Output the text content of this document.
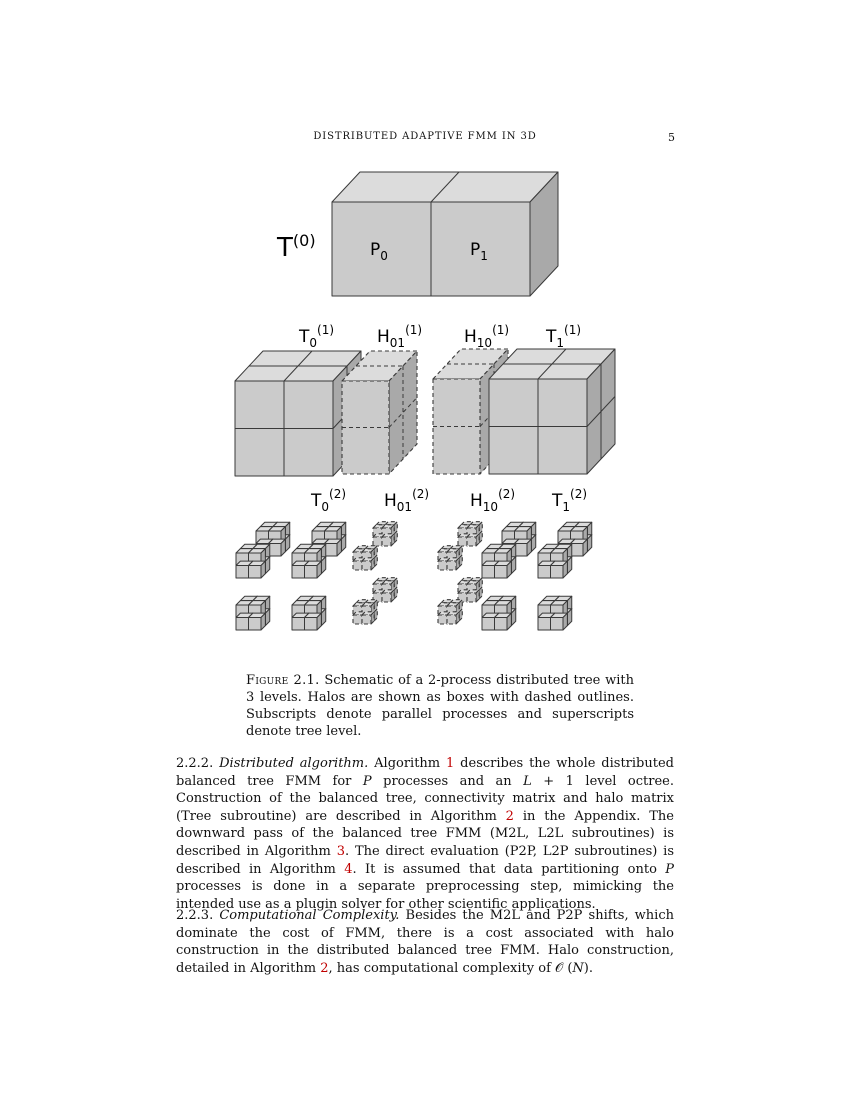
DISTRIBUTED ADAPTIVE FMM IN 3D	5
$T^{(0)}$	$P_0$	$P_1$
$T_0^{(1)}$	$H_{01}^{(1)}$ $H_{10}^{(1)}$ $T_1^{(1)}$
$T_0^{(2)}$ $H_{01}^{(2)}$ $H_{10}^{(2)}$ $T_1^{(2)}$
Figure 2.1. Schematic of a 2-process distributed tree with 3 levels. Halos are shown as boxes with dashed outlines. Subscripts denote parallel processes and superscripts denote tree level.
2.2.2. Distributed algorithm. Algorithm 1 describes the whole distributed balanced tree FMM for P processes and an L + 1 level octree. Construction of the balanced tree, connectivity matrix and halo matrix (Tree subroutine) are described in Algorithm 2 in the Appendix. The downward pass of the balanced tree FMM (M2L, L2L subroutines) is described in Algorithm 3. The direct evaluation (P2P, L2P subroutines) is described in Algorithm 4. It is assumed that data partitioning onto P processes is done in a separate preprocessing step, mimicking the intended use as a plugin solver for other scientific applications.
2.2.3. Computational Complexity. Besides the M2L and P2P shifts, which dominate the cost of FMM, there is a cost associated with halo construction in the distributed balanced tree FMM. Halo construction, detailed in Algorithm 2, has computational complexity of 𝒪 (N).
